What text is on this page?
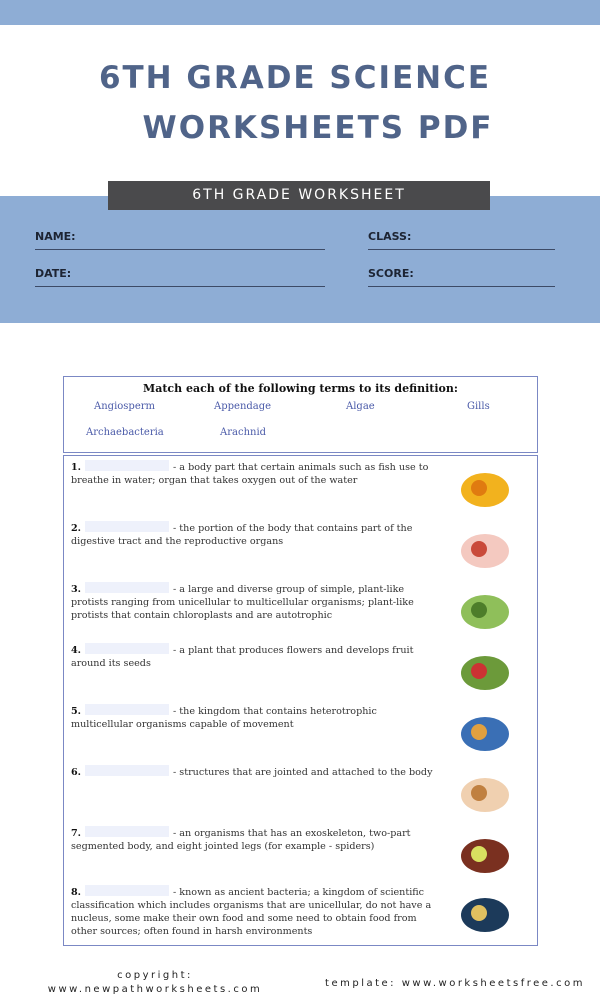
6TH GRADE SCIENCE
WORKSHEETS PDF
6TH GRADE WORKSHEET
NAME:	CLASS:
DATE:	SCORE:
Match each of the following terms to its definition:
Angiosperm	Appendage	Algae	Gills
Archaebacteria	Arachnid
1.	- a body part that certain animals such as fish use to breathe in water; organ that takes oxygen out of the water
2.	- the portion of the body that contains part of the digestive tract and the reproductive organs
3.	- a large and diverse group of simple, plant-like protists ranging from unicellular to multicellular organisms; plant-like protists that contain chloroplasts and are autotrophic
4.	- a plant that produces flowers and develops fruit around its seeds
5.	- the kingdom that contains heterotrophic multicellular organisms capable of movement
6.	- structures that are jointed and attached to the body
7.	- an organisms that has an exoskeleton, two-part segmented body, and eight jointed legs (for example - spiders)
8.	- known as ancient bacteria; a kingdom of scientific classification which includes organisms that are unicellular, do not have a nucleus, some make their own food and some need to obtain food from other sources; often found in harsh environments
copyright:
www.newpathworksheets.com
template: www.worksheetsfree.com
